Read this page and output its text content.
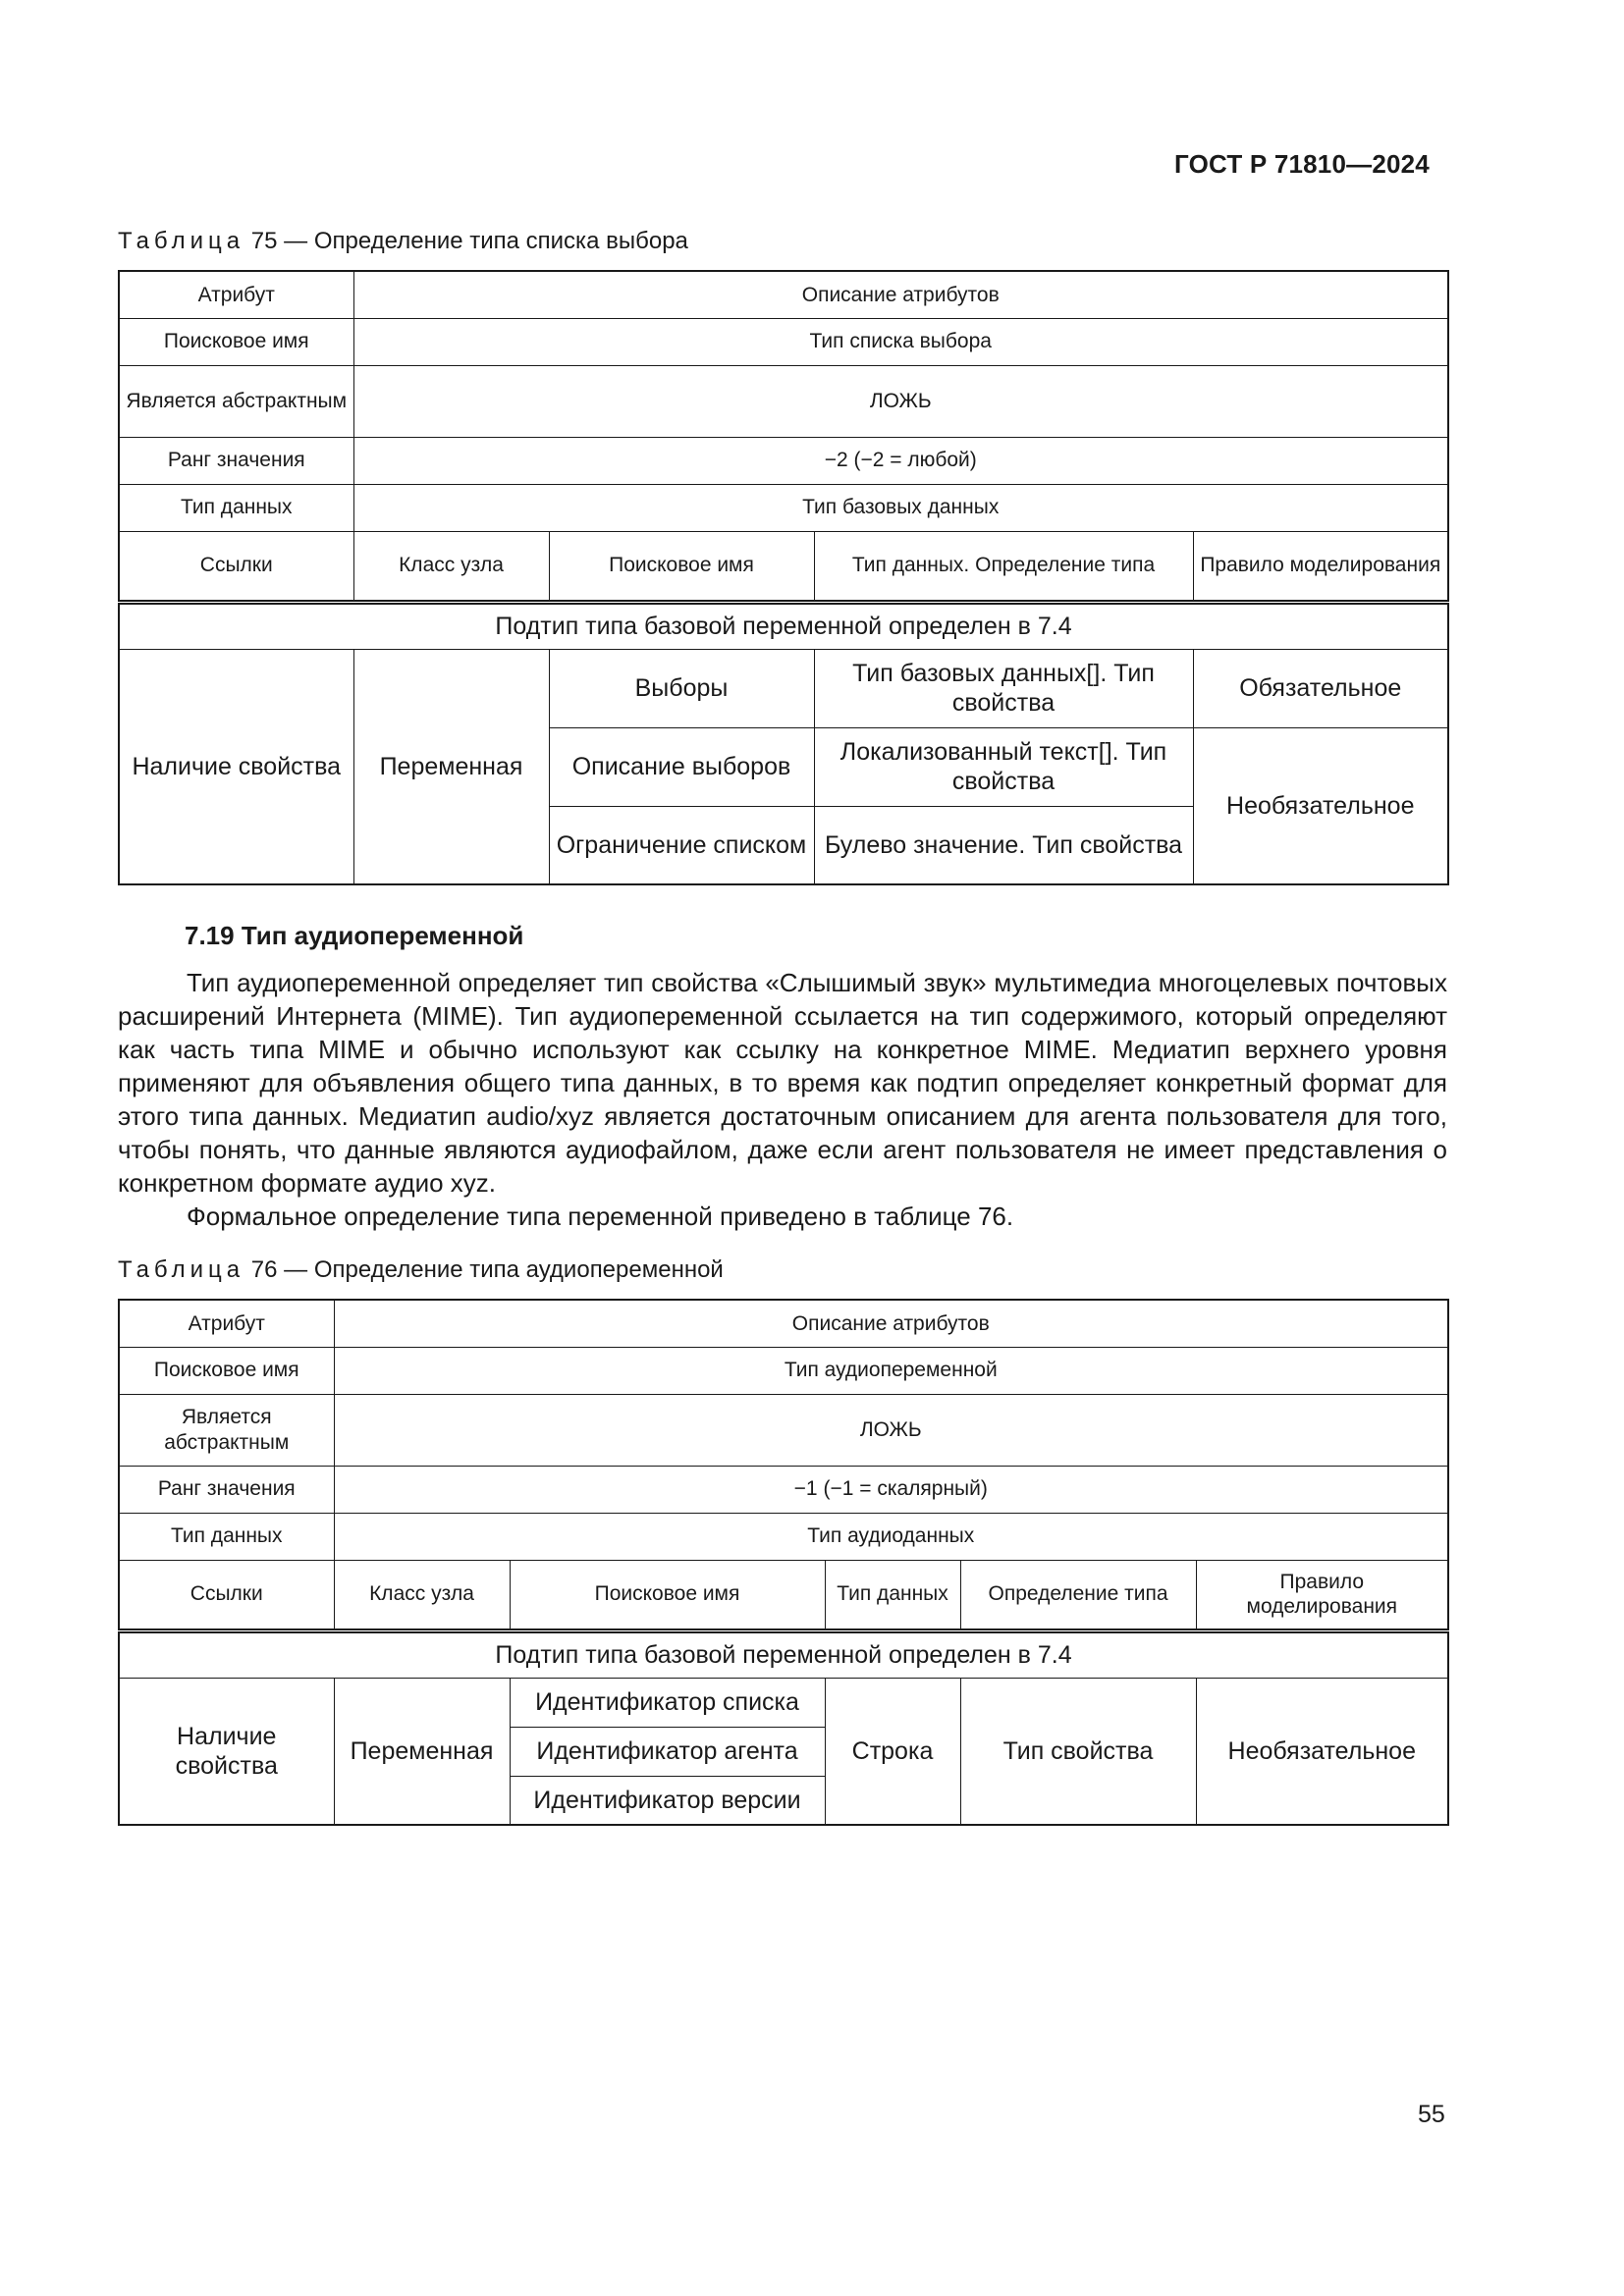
ГОСТ Р 71810—2024
Таблица 75 — Определение типа списка выбора
Атрибут	Описание атрибутов			
Поисковое имя	Тип списка выбора			
Является абстрактным	ЛОЖЬ			
Ранг значения	−2 (−2 = любой)			
Тип данных	Тип базовых данных			
Ссылки	Класс узла	Поисковое имя	Тип данных. Определение типа	Правило моделирования
Подтип типа базовой переменной определен в 7.4				
Наличие свойства	Переменная	Выборы	Тип базовых данных[]. Тип свойства	Обязательное
		Описание выборов	Локализованный текст[]. Тип свойства	Необязательное
		Ограничение списком	Булево значение. Тип свойства	
7.19 Тип аудиопеременной
Тип аудиопеременной определяет тип свойства «Слышимый звук» мультимедиа многоцелевых почтовых расширений Интернета (MIME). Тип аудиопеременной ссылается на тип содержимого, который определяют как часть типа MIME и обычно используют как ссылку на конкретное MIME. Медиатип верхнего уровня применяют для объявления общего типа данных, в то время как подтип определяет конкретный формат для этого типа данных. Медиатип audio/xyz является достаточным описанием для агента пользователя для того, чтобы понять, что данные являются аудиофайлом, даже если агент пользователя не имеет представления о конкретном формате аудио xyz.
Формальное определение типа переменной приведено в таблице 76.
Таблица 76 — Определение типа аудиопеременной
Атрибут	Описание атрибутов				
Поисковое имя	Тип аудиопеременной				
Является абстрактным	ЛОЖЬ				
Ранг значения	−1 (−1 = скалярный)				
Тип данных	Тип аудиоданных				
Ссылки	Класс узла	Поисковое имя	Тип данных	Определение типа	Правило моделирования
Подтип типа базовой переменной определен в 7.4					
Наличие свойства	Переменная	Идентификатор списка	Строка	Тип свойства	Необязательное
		Идентификатор агента			
		Идентификатор версии			
55
